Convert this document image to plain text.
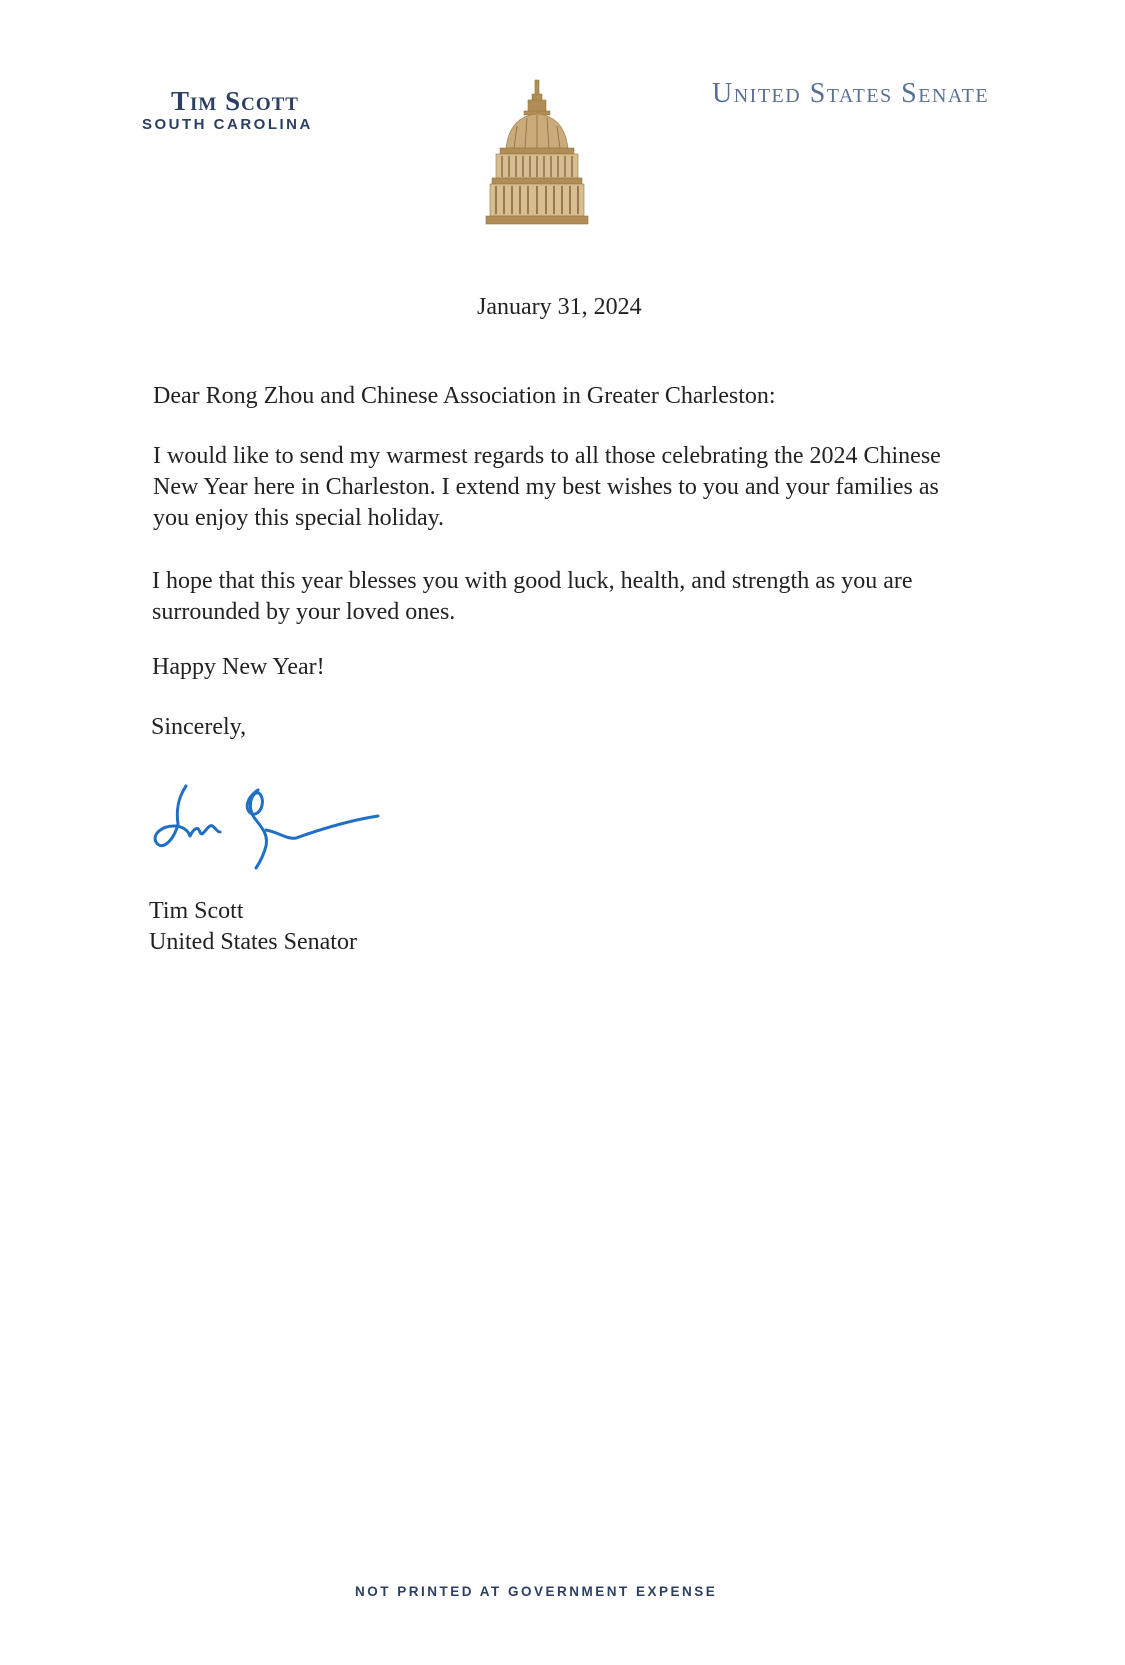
Tim Scott
SOUTH CAROLINA
United States Senate

January 31, 2024

Dear Rong Zhou and Chinese Association in Greater Charleston:

I would like to send my warmest regards to all those celebrating the 2024 Chinese New Year here in Charleston. I extend my best wishes to you and your families as you enjoy this special holiday.

I hope that this year blesses you with good luck, health, and strength as you are surrounded by your loved ones.

Happy New Year!

Sincerely,

Tim Scott

United States Senator

NOT PRINTED AT GOVERNMENT EXPENSE
